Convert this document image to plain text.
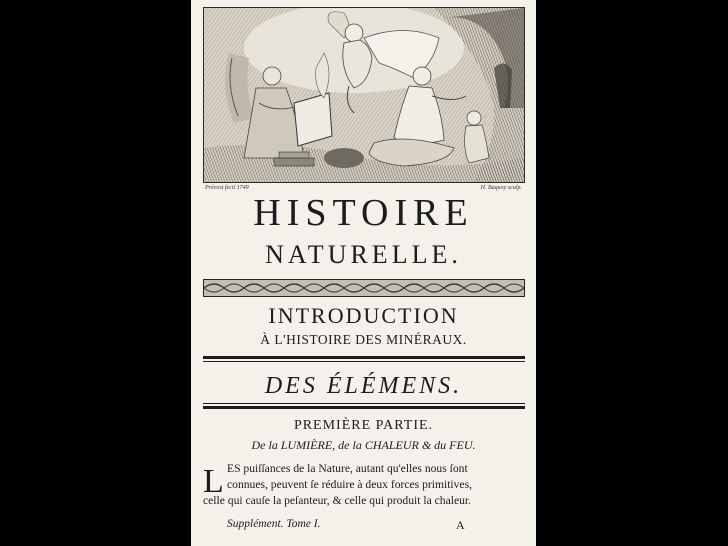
Prévost fecit 1749	H. Baquoy sculp.
HISTOIRE
NATURELLE.
INTRODUCTION
À L'HISTOIRE DES MINÉRAUX.
DES ÉLÉMENS.
PREMIÈRE PARTIE.
De la LUMIÈRE, de la CHALEUR & du FEU.
L ES puiſſances de la Nature, autant qu'elles nous ſont
connues, peuvent ſe réduire à deux forces primitives,
celle qui cauſe la peſanteur, & celle qui produit la chaleur.
Supplément. Tome I.	A
